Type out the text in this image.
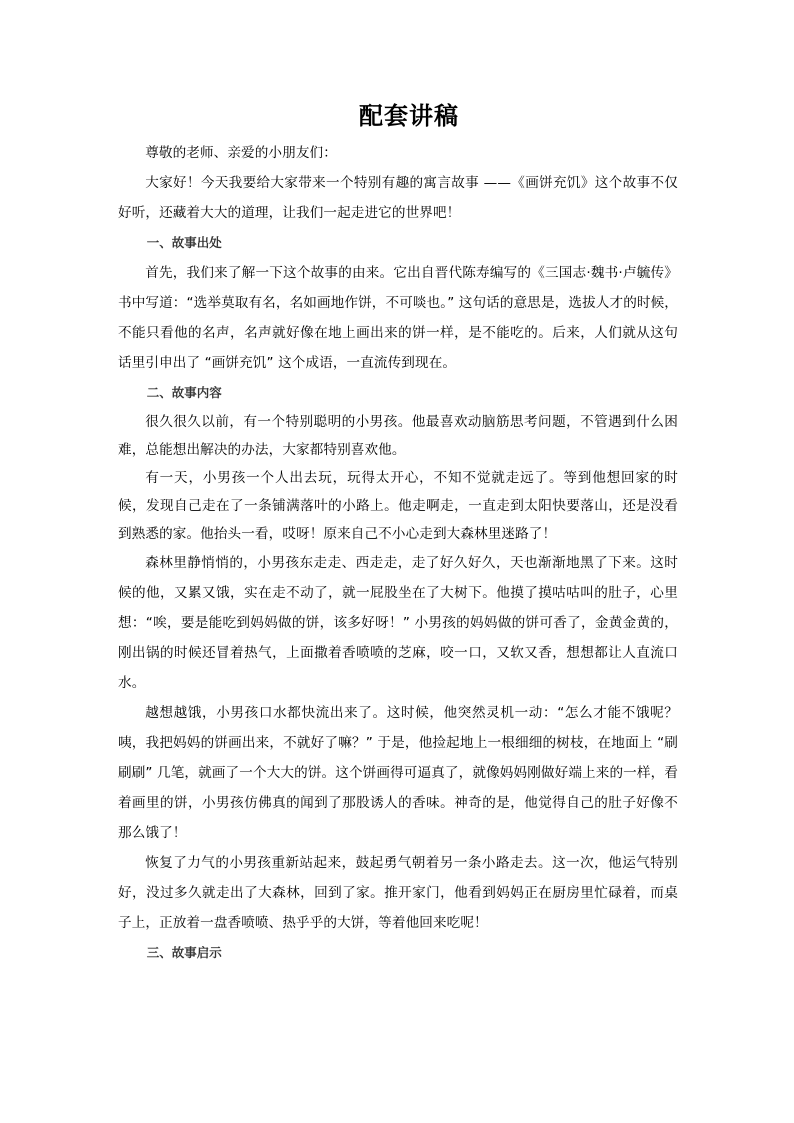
配套讲稿

尊敬的老师、亲爱的小朋友们：

大家好！今天我要给大家带来一个特别有趣的寓言故事 ——《画饼充饥》这个故事不仅好听，还藏着大大的道理，让我们一起走进它的世界吧！

一、故事出处

首先，我们来了解一下这个故事的由来。它出自晋代陈寿编写的《三国志·魏书·卢毓传》书中写道：“选举莫取有名，名如画地作饼，不可啖也。” 这句话的意思是，选拔人才的时候，不能只看他的名声，名声就好像在地上画出来的饼一样，是不能吃的。后来，人们就从这句话里引申出了 “画饼充饥” 这个成语，一直流传到现在。

二、故事内容

很久很久以前，有一个特别聪明的小男孩。他最喜欢动脑筋思考问题，不管遇到什么困难，总能想出解决的办法，大家都特别喜欢他。

有一天，小男孩一个人出去玩，玩得太开心，不知不觉就走远了。等到他想回家的时候，发现自己走在了一条铺满落叶的小路上。他走啊走，一直走到太阳快要落山，还是没看到熟悉的家。他抬头一看，哎呀！原来自己不小心走到大森林里迷路了！

森林里静悄悄的，小男孩东走走、西走走，走了好久好久，天也渐渐地黑了下来。这时候的他，又累又饿，实在走不动了，就一屁股坐在了大树下。他摸了摸咕咕叫的肚子，心里想：“唉，要是能吃到妈妈做的饼，该多好呀！” 小男孩的妈妈做的饼可香了，金黄金黄的，刚出锅的时候还冒着热气，上面撒着香喷喷的芝麻，咬一口，又软又香，想想都让人直流口水。

越想越饿，小男孩口水都快流出来了。这时候，他突然灵机一动：“怎么才能不饿呢？咦，我把妈妈的饼画出来，不就好了嘛？” 于是，他捡起地上一根细细的树枝，在地面上 “刷刷刷” 几笔，就画了一个大大的饼。这个饼画得可逼真了，就像妈妈刚做好端上来的一样，看着画里的饼，小男孩仿佛真的闻到了那股诱人的香味。神奇的是，他觉得自己的肚子好像不那么饿了！

恢复了力气的小男孩重新站起来，鼓起勇气朝着另一条小路走去。这一次，他运气特别好，没过多久就走出了大森林，回到了家。推开家门，他看到妈妈正在厨房里忙碌着，而桌子上，正放着一盘香喷喷、热乎乎的大饼，等着他回来吃呢！

三、故事启示
